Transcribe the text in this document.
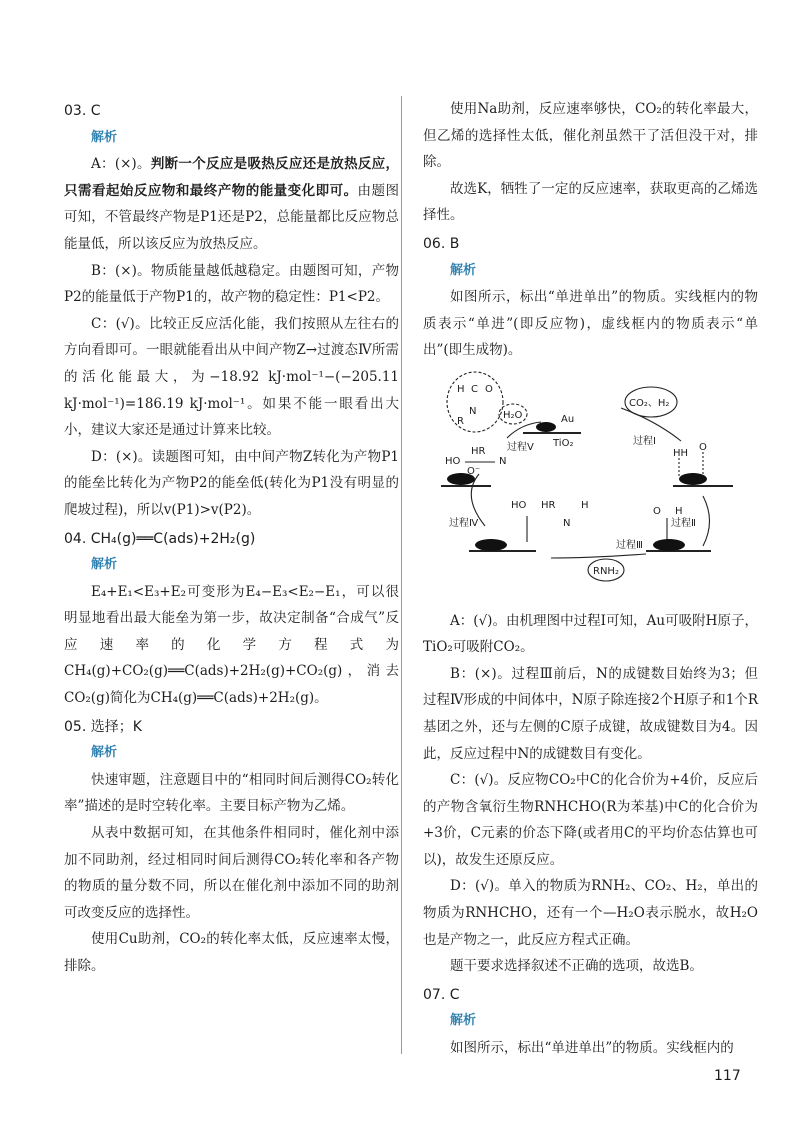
03. C
解析
A：(×)。判断一个反应是吸热反应还是放热反应，只需看起始反应物和最终产物的能量变化即可。由题图可知，不管最终产物是P1还是P2，总能量都比反应物总能量低，所以该反应为放热反应。
B：(×)。物质能量越低越稳定。由题图可知，产物P2的能量低于产物P1的，故产物的稳定性：P1<P2。
C：(√)。比较正反应活化能，我们按照从左往右的方向看即可。一眼就能看出从中间产物Z→过渡态Ⅳ所需的活化能最大，为−18.92 kJ·mol⁻¹−(−205.11 kJ·mol⁻¹)=186.19 kJ·mol⁻¹。如果不能一眼看出大小，建议大家还是通过计算来比较。
D：(×)。读题图可知，由中间产物Z转化为产物P1的能垒比转化为产物P2的能垒低(转化为P1没有明显的爬坡过程)，所以v(P1)>v(P2)。
04. CH₄(g)══C(ads)+2H₂(g)
解析
E₄+E₁<E₃+E₂可变形为E₄−E₃<E₂−E₁，可以很明显地看出最大能垒为第一步，故决定制备“合成气”反应速率的化学方程式为CH₄(g)+CO₂(g)══C(ads)+2H₂(g)+CO₂(g)，消去CO₂(g)简化为CH₄(g)══C(ads)+2H₂(g)。
05. 选择；K
解析
快速审题，注意题目中的“相同时间后测得CO₂转化率”描述的是时空转化率。主要目标产物为乙烯。
从表中数据可知，在其他条件相同时，催化剂中添加不同助剂，经过相同时间后测得CO₂转化率和各产物的物质的量分数不同，所以在催化剂中添加不同的助剂可改变反应的选择性。
使用Cu助剂，CO₂的转化率太低，反应速率太慢，排除。
使用Na助剂，反应速率够快，CO₂的转化率最大，但乙烯的选择性太低，催化剂虽然干了活但没干对，排除。
故选K，牺牲了一定的反应速率，获取更高的乙烯选择性。
06. B
解析
如图所示，标出“单进单出”的物质。实线框内的物质表示“单进”(即反应物)，虚线框内的物质表示“单出”(即生成物)。
CO₂、H₂
H₂O	Au
TiO₂	过程Ⅰ
过程Ⅱ
过程Ⅲ
过程Ⅳ
过程Ⅴ
RNH₂
H C O
N
R
HO
HR
N
O⁻
HH
O
O H
HO HR
N
H
A：(√)。由机理图中过程Ⅰ可知，Au可吸附H原子，TiO₂可吸附CO₂。
B：(×)。过程Ⅲ前后，N的成键数目始终为3；但过程Ⅳ形成的中间体中，N原子除连接2个H原子和1个R基团之外，还与左侧的C原子成键，故成键数目为4。因此，反应过程中N的成键数目有变化。
C：(√)。反应物CO₂中C的化合价为+4价，反应后的产物含氧衍生物RNHCHO(R为苯基)中C的化合价为+3价，C元素的价态下降(或者用C的平均价态估算也可以)，故发生还原反应。
D：(√)。单入的物质为RNH₂、CO₂、H₂，单出的物质为RNHCHO，还有一个—H₂O表示脱水，故H₂O也是产物之一，此反应方程式正确。
题干要求选择叙述不正确的选项，故选B。
07. C
解析
如图所示，标出“单进单出”的物质。实线框内的
117
